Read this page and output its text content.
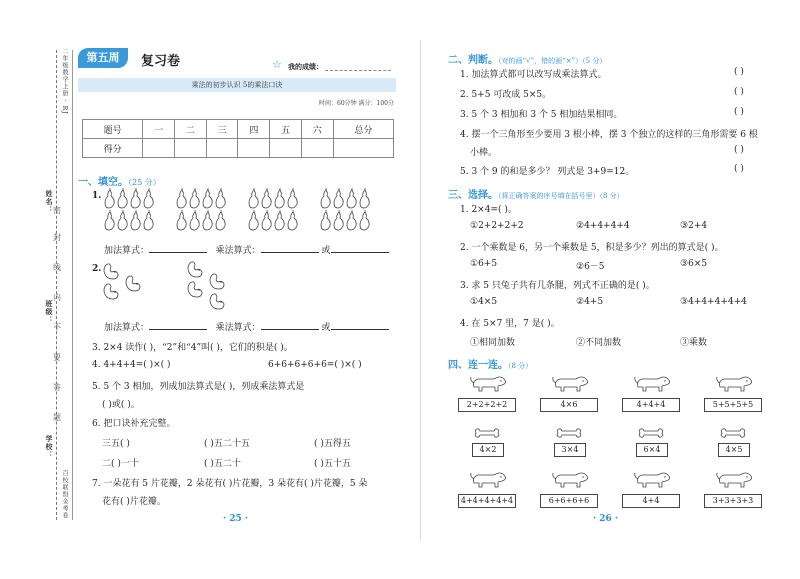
二年级数学上册 · RJ
百校联盟金考卷
姓名：
班级：
学校：
密
封
线
内
不
要
答
题
第五周	复习卷	☆ 我的成绩：
乘法的初步认识 5的乘法口诀
时间：60分钟 满分：100分
题号	一	二	三	四	五	六	总分
得分							
一、填空。（25 分）
1.
加法算式：	乘法算式：	或
2.
加法算式：	乘法算式：	或
3. 2×4 读作( )，“2”和“4”叫( )，它们的积是( )。
4. 4+4+4=( )×( )	6+6+6+6+6=( )×( )
5. 5 个 3 相加，列成加法算式是( )，列成乘法算式是
( )或( )。
6. 把口诀补充完整。
三五( )	( )五二十五	( )五得五
二( )一十	( )五二十	( )五十五
7. 一朵花有 5 片花瓣，2 朵花有( )片花瓣，3 朵花有( )片花瓣，5 朵
花有( )片花瓣。
· 25 ·
二、判断。（对的画“√”，错的画“×”）（5 分）
1. 加法算式都可以改写成乘法算式。	( )
2. 5+5 可改成 5×5。	( )
3. 5 个 3 相加和 3 个 5 相加结果相同。	( )
4. 摆一个三角形至少要用 3 根小棒，摆 3 个独立的这样的三角形需要 6 根
小棒。	( )
5. 3 个 9 的和是多少？ 列式是 3+9=12。	( )
三、选择。（将正确答案的序号填在括号里）（8 分）
1. 2×4=( )。
①2+2+2+2	②4+4+4+4	③2+4
2. 一个乘数是 6，另一个乘数是 5，积是多少？列出的算式是( )。
①6+5	②6－5	③6×5
3. 求 5 只兔子共有几条腿，列式不正确的是( )。
①4×5	②4+5	③4+4+4+4+4
4. 在 5×7 里，7 是( )。
①相同加数	②不同加数	③乘数
四、连一连。（8 分）
2+2+2+2	4×6	4+4+4	5+5+5+5
4×2	3×4	6×4	4×5
4+4+4+4+4	6+6+6+6	4+4	3+3+3+3
· 26 ·
